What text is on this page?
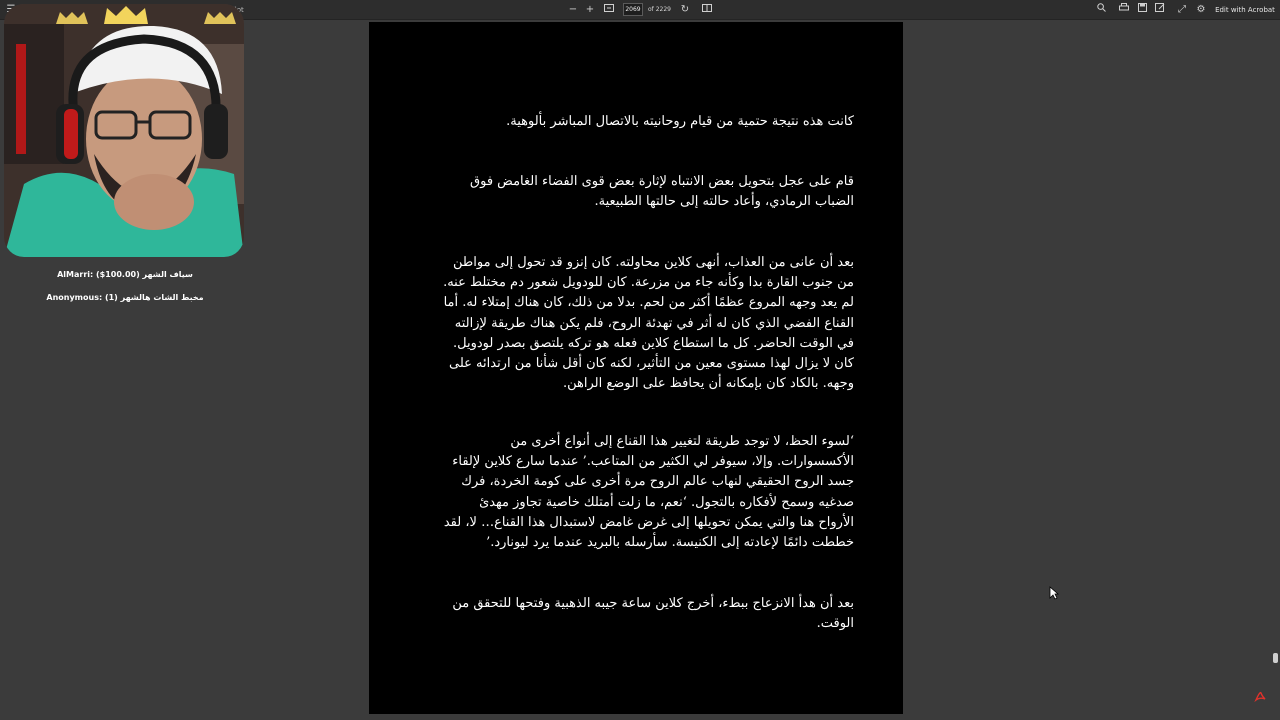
− +	2069	of 2229 ↻	⤢	⚙	Edit with Acrobat

كانت هذه نتيجة حتمية من قيام روحانيته بالاتصال المباشر بألوهية.

قام على عجل بتحويل بعض الانتباه لإثارة بعض قوى الفضاء الغامض فوق الضباب الرمادي، وأعاد حالته إلى حالتها الطبيعية.

بعد أن عانى من العذاب، أنهى كلاين محاولته. كان إنزو قد تحول إلى مواطن من جنوب القارة بدا وكأنه جاء من مزرعة. كان للودويل شعور دم مختلط عنه. لم يعد وجهه المروع عظمًا أكثر من لحم. بدلا من ذلك، كان هناك إمتلاء له. أما القناع الفضي الذي كان له أثر في تهدئة الروح، فلم يكن هناك طريقة لإزالته في الوقت الحاضر. كل ما استطاع كلاين فعله هو تركه يلتصق بصدر لودويل. كان لا يزال لهذا مستوى معين من التأثير، لكنه كان أقل شأنا من ارتدائه على وجهه. بالكاد كان بإمكانه أن يحافظ على الوضع الراهن.

‘لسوء الحظ، لا توجد طريقة لتغيير هذا القناع إلى أنواع أخرى من الأكسسوارات. وإلا، سيوفر لي الكثير من المتاعب.’ عندما سارع كلاين لإلقاء جسد الروح الحقيقي لنهاب عالم الروح مرة أخرى على كومة الخردة، فرك صدغيه وسمح لأفكاره بالتجول. ‘نعم، ما زلت أمتلك خاصية تجاوز مهدئ الأرواح هنا والتي يمكن تحويلها إلى غرض غامض لاستبدال هذا القناع… لا، لقد خططت دائمًا لإعادته إلى الكنيسة. سأرسله بالبريد عندما يرد ليونارد.’

بعد أن هدأ الانزعاج ببطء، أخرج كلاين ساعة جيبه الذهبية وفتحها للتحقق من الوقت.

AlMarri: ($100.00) سياف الشهر
Anonymous: (1) مخبط الشات هالشهر
